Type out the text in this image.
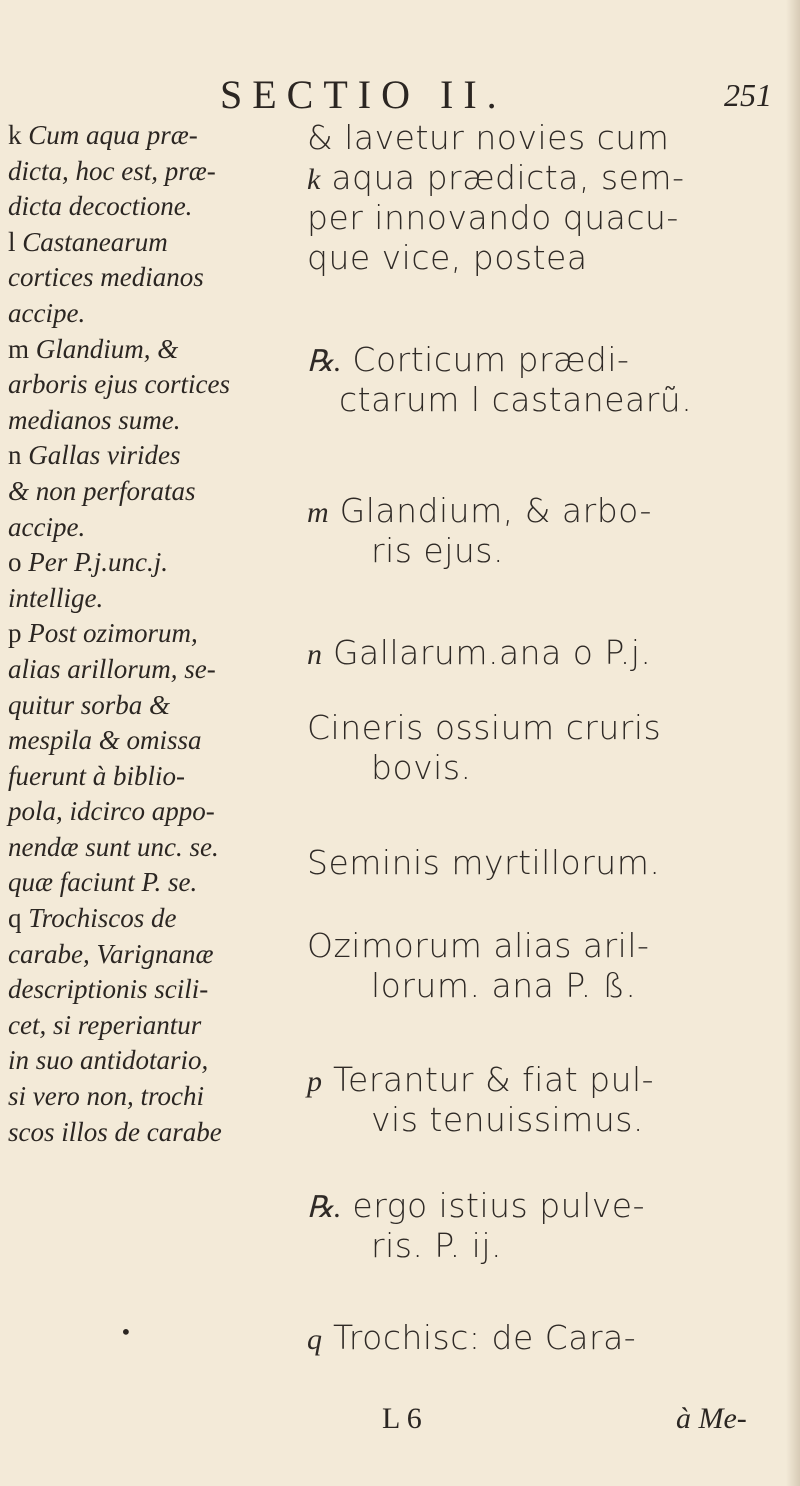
SECTIO II.	251
k Cum aqua præ-
dicta, hoc est, præ-
dicta decoctione.
l Castanearum
cortices medianos
accipe.
m Glandium, &
arboris ejus cortices
medianos sume.
n Gallas virides
& non perforatas
accipe.
o Per P.j.unc.j.
intellige.
p Post ozimorum,
alias arillorum, se-
quitur sorba &
mespila & omissa
fuerunt à biblio-
pola, idcirco appo-
nendæ sunt unc. se.
quæ faciunt P. se.
q Trochiscos de
carabe, Varignanæ
descriptionis scili-
cet, si reperiantur
in suo antidotario,
si vero non, trochi
scos illos de carabe
& lavetur novies cum
k aqua prædicta, sem-
per innovando quacu-
que vice, postea
℞. Corticum prædi-
ctarum l castanearũ.
m Glandium, & arbo-
ris ejus.
n Gallarum.ana o P.j.
Cineris ossium cruris
bovis.
Seminis myrtillorum.
Ozimorum alias aril-
lorum. ana P. ß.
p Terantur & fiat pul-
vis tenuissimus.
℞. ergo istius pulve-
ris. P. ij.
q Trochisc: de Cara-
•
L 6	à Me-
